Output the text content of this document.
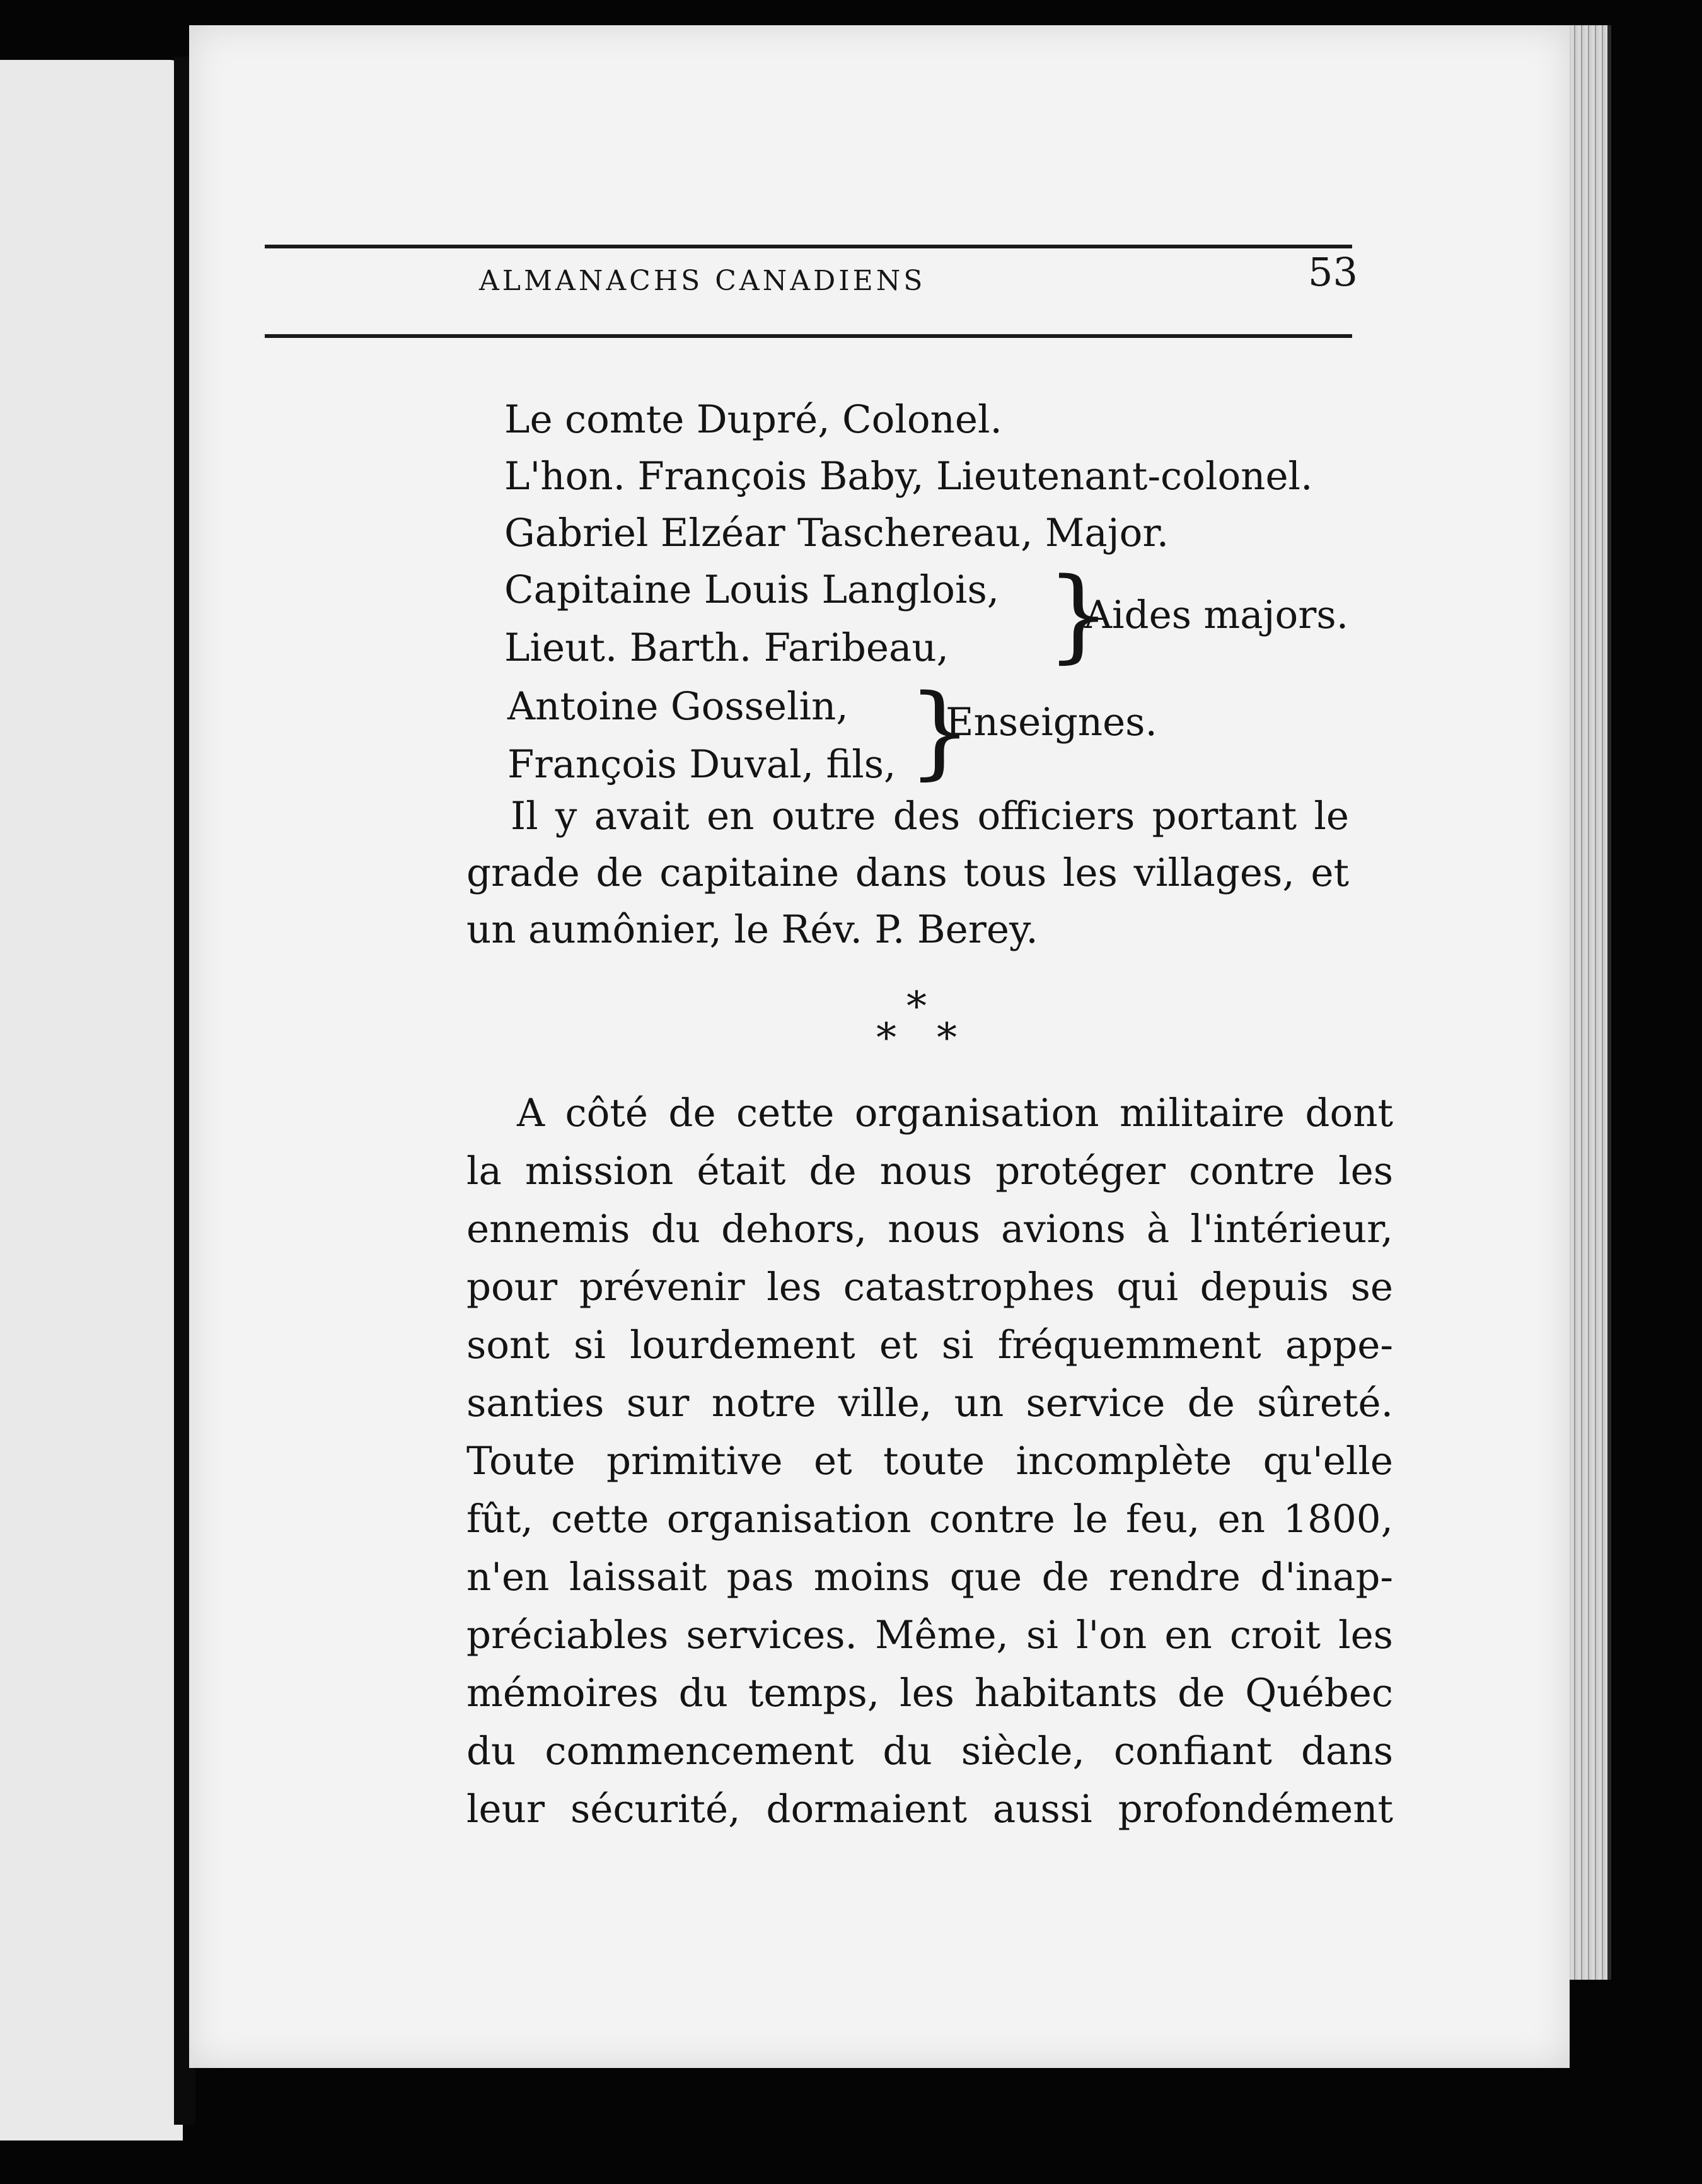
ALMANACHS CANADIENS	53
Le comte Dupré, Colonel.
L'hon. François Baby, Lieutenant-colonel.
Gabriel Elzéar Taschereau, Major.
Capitaine Louis Langlois,
Lieut. Barth. Faribeau, }
Aides majors.
Antoine Gosselin,
François Duval, fils, }
Enseignes.
Il y avait en outre des officiers portant le
grade de capitaine dans tous les villages, et
un aumônier, le Rév. P. Berey.
*
*
*
A côté de cette organisation militaire dont
la mission était de nous protéger contre les
ennemis du dehors, nous avions à l'intérieur,
pour prévenir les catastrophes qui depuis se
sont si lourdement et si fréquemment appe-
santies sur notre ville, un service de sûreté.
Toute primitive et toute incomplète qu'elle
fût, cette organisation contre le feu, en 1800,
n'en laissait pas moins que de rendre d'inap-
préciables services. Même, si l'on en croit les
mémoires du temps, les habitants de Québec
du commencement du siècle, confiant dans
leur sécurité, dormaient aussi profondément
